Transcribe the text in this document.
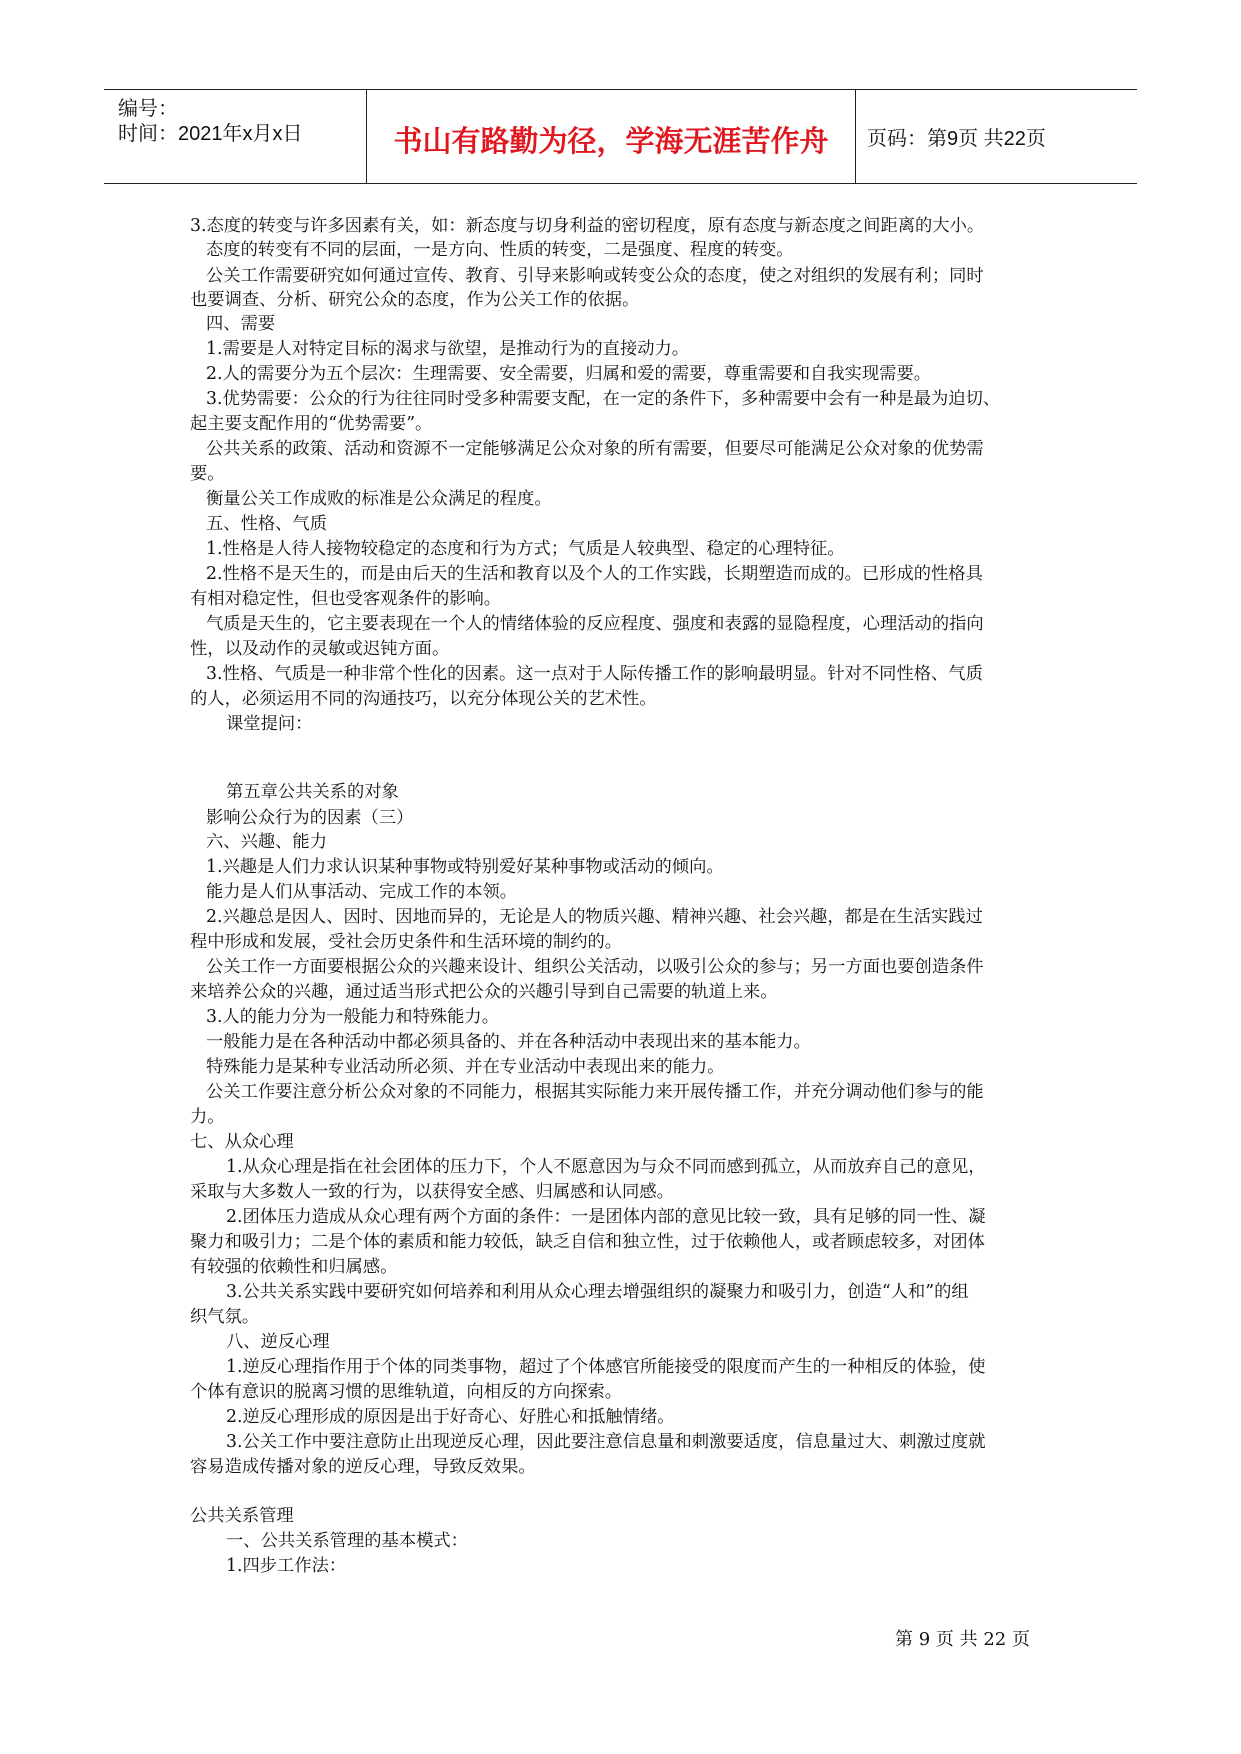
编号：
时间：2021年x月x日	书山有路勤为径，学海无涯苦作舟	页码：第9页 共22页
3.态度的转变与许多因素有关，如：新态度与切身利益的密切程度，原有态度与新态度之间距离的大小。
态度的转变有不同的层面，一是方向、性质的转变，二是强度、程度的转变。
公关工作需要研究如何通过宣传、教育、引导来影响或转变公众的态度，使之对组织的发展有利；同时
也要调查、分析、研究公众的态度，作为公关工作的依据。
四、需要
1.需要是人对特定目标的渴求与欲望，是推动行为的直接动力。
2.人的需要分为五个层次：生理需要、安全需要，归属和爱的需要，尊重需要和自我实现需要。
3.优势需要：公众的行为往往同时受多种需要支配，在一定的条件下，多种需要中会有一种是最为迫切、
起主要支配作用的“优势需要”。
公共关系的政策、活动和资源不一定能够满足公众对象的所有需要，但要尽可能满足公众对象的优势需
要。
衡量公关工作成败的标准是公众满足的程度。
五、性格、气质
1.性格是人待人接物较稳定的态度和行为方式；气质是人较典型、稳定的心理特征。
2.性格不是天生的，而是由后天的生活和教育以及个人的工作实践，长期塑造而成的。已形成的性格具
有相对稳定性，但也受客观条件的影响。
气质是天生的，它主要表现在一个人的情绪体验的反应程度、强度和表露的显隐程度，心理活动的指向
性，以及动作的灵敏或迟钝方面。
3.性格、气质是一种非常个性化的因素。这一点对于人际传播工作的影响最明显。针对不同性格、气质
的人，必须运用不同的沟通技巧，以充分体现公关的艺术性。
课堂提问：
第五章公共关系的对象
影响公众行为的因素（三）
六、兴趣、能力
1.兴趣是人们力求认识某种事物或特别爱好某种事物或活动的倾向。
能力是人们从事活动、完成工作的本领。
2.兴趣总是因人、因时、因地而异的，无论是人的物质兴趣、精神兴趣、社会兴趣，都是在生活实践过
程中形成和发展，受社会历史条件和生活环境的制约的。
公关工作一方面要根据公众的兴趣来设计、组织公关活动，以吸引公众的参与；另一方面也要创造条件
来培养公众的兴趣，通过适当形式把公众的兴趣引导到自己需要的轨道上来。
3.人的能力分为一般能力和特殊能力。
一般能力是在各种活动中都必须具备的、并在各种活动中表现出来的基本能力。
特殊能力是某种专业活动所必须、并在专业活动中表现出来的能力。
公关工作要注意分析公众对象的不同能力，根据其实际能力来开展传播工作，并充分调动他们参与的能
力。
七、从众心理
1.从众心理是指在社会团体的压力下，个人不愿意因为与众不同而感到孤立，从而放弃自己的意见，
采取与大多数人一致的行为，以获得安全感、归属感和认同感。
2.团体压力造成从众心理有两个方面的条件：一是团体内部的意见比较一致，具有足够的同一性、凝
聚力和吸引力；二是个体的素质和能力较低，缺乏自信和独立性，过于依赖他人，或者顾虑较多，对团体
有较强的依赖性和归属感。
3.公共关系实践中要研究如何培养和利用从众心理去增强组织的凝聚力和吸引力，创造“人和”的组
织气氛。
八、逆反心理
1.逆反心理指作用于个体的同类事物，超过了个体感官所能接受的限度而产生的一种相反的体验，使
个体有意识的脱离习惯的思维轨道，向相反的方向探索。
2.逆反心理形成的原因是出于好奇心、好胜心和抵触情绪。
3.公关工作中要注意防止出现逆反心理，因此要注意信息量和刺激要适度，信息量过大、刺激过度就
容易造成传播对象的逆反心理，导致反效果。
公共关系管理
一、公共关系管理的基本模式：
1.四步工作法：
第 9 页 共 22 页
